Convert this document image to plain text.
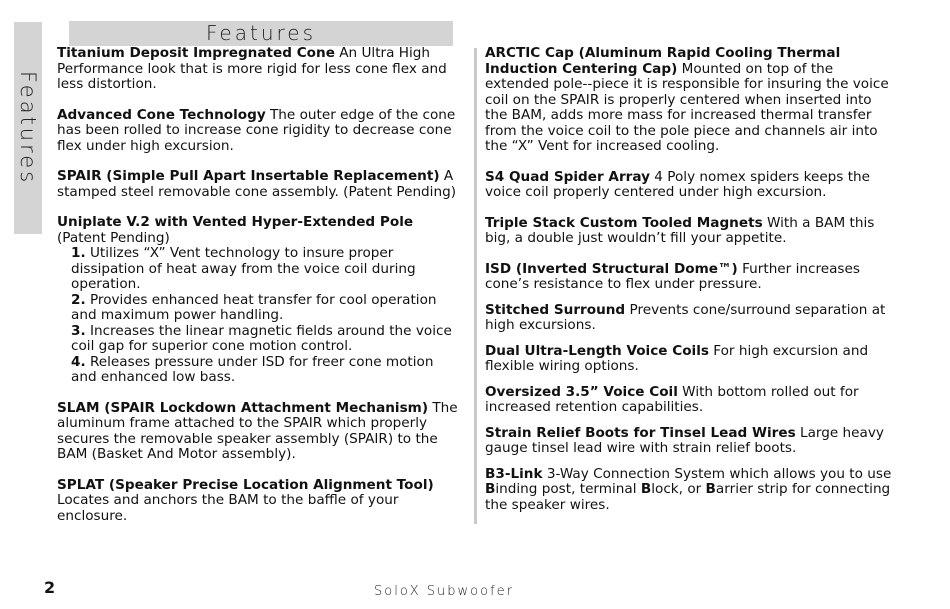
Features
Features

Titanium Deposit Impregnated Cone An Ultra High Performance look that is more rigid for less cone flex and less distortion.

Advanced Cone Technology The outer edge of the cone has been rolled to increase cone rigidity to decrease cone flex under high excursion.

SPAIR (Simple Pull Apart Insertable Replacement) A stamped steel removable cone assembly. (Patent Pending)

Uniplate V.2 with Vented Hyper-Extended Pole
(Patent Pending)
1. Utilizes “X” Vent technology to insure proper dissipation of heat away from the voice coil during operation.
2. Provides enhanced heat transfer for cool operation and maximum power handling.
3. Increases the linear magnetic fields around the voice coil gap for superior cone motion control.
4. Releases pressure under ISD for freer cone motion and enhanced low bass.

SLAM (SPAIR Lockdown Attachment Mechanism) The aluminum frame attached to the SPAIR which properly secures the removable speaker assembly (SPAIR) to the BAM (Basket And Motor assembly).

SPLAT (Speaker Precise Location Alignment Tool) Locates and anchors the BAM to the baffle of your enclosure.

ARCTIC Cap (Aluminum Rapid Cooling Thermal Induction Centering Cap) Mounted on top of the extended pole--piece it is responsible for insuring the voice coil on the SPAIR is properly centered when inserted into the BAM, adds more mass for increased thermal transfer from the voice coil to the pole piece and channels air into the “X” Vent for increased cooling.

S4 Quad Spider Array 4 Poly nomex spiders keeps the voice coil properly centered under high excursion.

Triple Stack Custom Tooled Magnets With a BAM this big, a double just wouldn’t fill your appetite.

ISD (Inverted Structural Dome™) Further increases cone’s resistance to flex under pressure.

Stitched Surround Prevents cone/surround separation at high excursions.

Dual Ultra-Length Voice Coils For high excursion and flexible wiring options.

Oversized 3.5” Voice Coil With bottom rolled out for increased retention capabilities.

Strain Relief Boots for Tinsel Lead Wires Large heavy gauge tinsel lead wire with strain relief boots.

B3-Link 3-Way Connection System which allows you to use Binding post, terminal Block, or Barrier strip for connecting the speaker wires.

2	SoloX Subwoofer
